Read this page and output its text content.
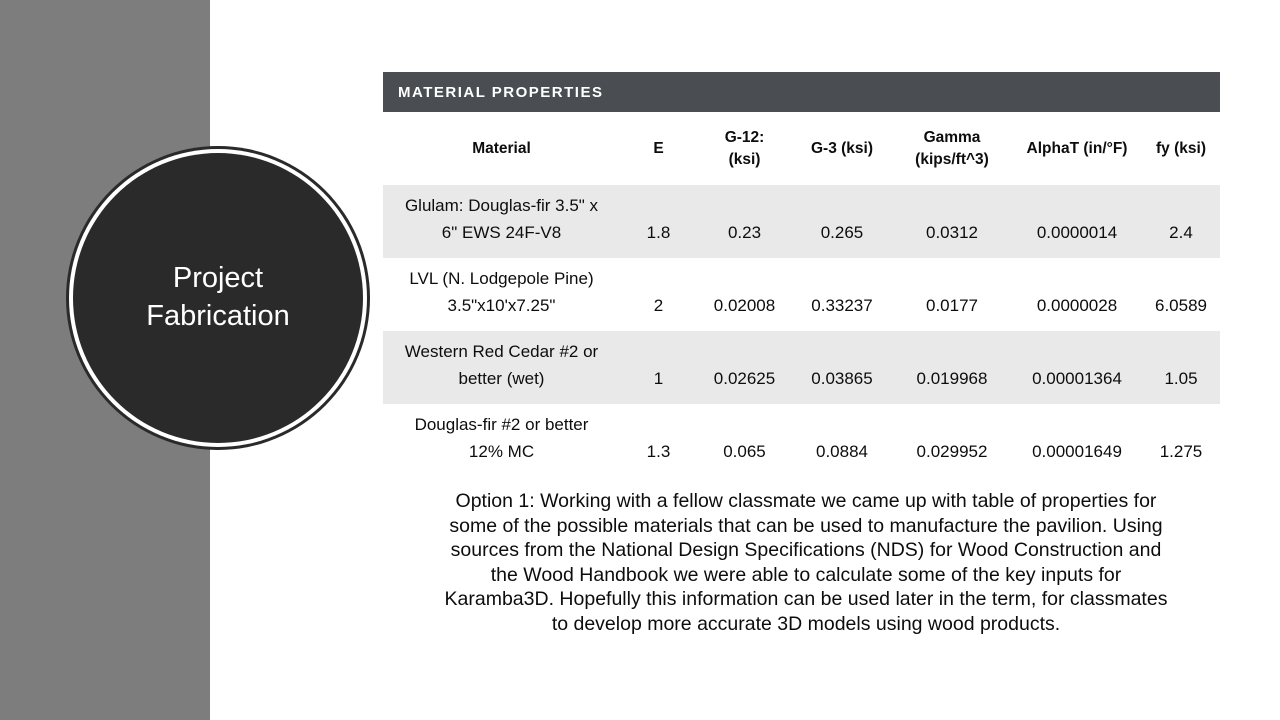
Project Fabrication
MATERIAL PROPERTIES
Material	E	G-12: (ksi)	G-3 (ksi)	Gamma (kips/ft^3)	AlphaT (in/°F)	fy (ksi)
Glulam: Douglas-fir 3.5" x 6" EWS 24F-V8	1.8	0.23	0.265	0.0312	0.0000014	2.4
LVL (N. Lodgepole Pine) 3.5"x10'x7.25"	2	0.02008	0.33237	0.0177	0.0000028	6.0589
Western Red Cedar #2 or better (wet)	1	0.02625	0.03865	0.019968	0.00001364	1.05
Douglas-fir #2 or better 12% MC	1.3	0.065	0.0884	0.029952	0.00001649	1.275

Option 1: Working with a fellow classmate we came up with table of properties for some of the possible materials that can be used to manufacture the pavilion. Using sources from the National Design Specifications (NDS) for Wood Construction and the Wood Handbook we were able to calculate some of the key inputs for Karamba3D. Hopefully this information can be used later in the term, for classmates to develop more accurate 3D models using wood products.
